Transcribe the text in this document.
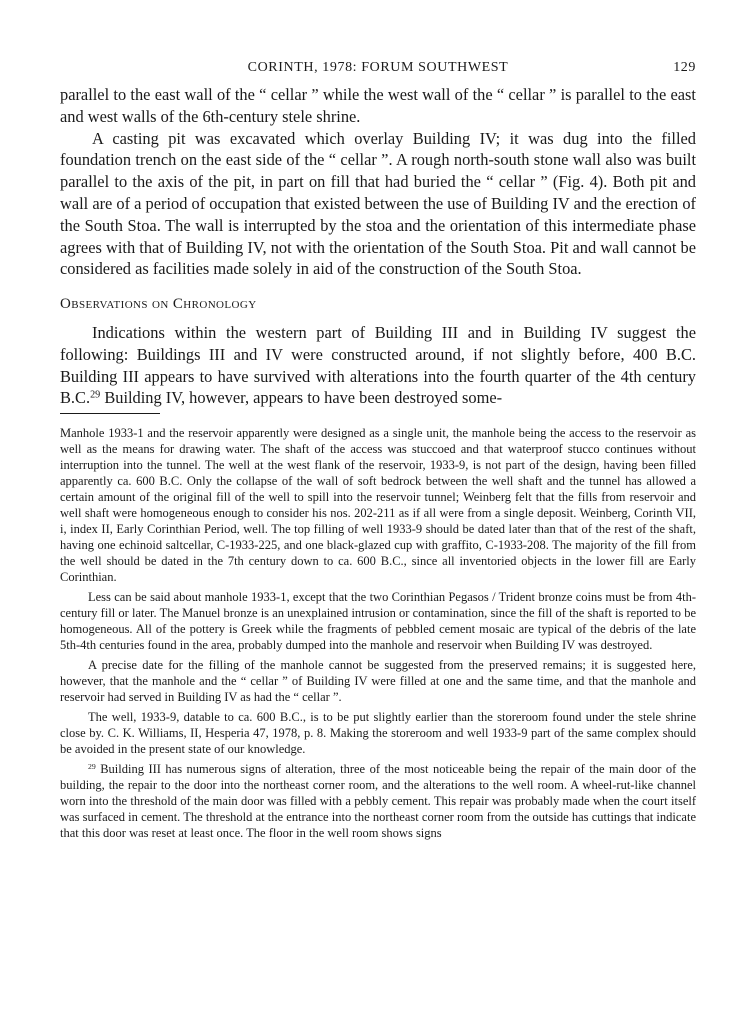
CORINTH, 1978: FORUM SOUTHWEST	129

parallel to the east wall of the “ cellar ” while the west wall of the “ cellar ” is parallel to the east and west walls of the 6th-century stele shrine.

A casting pit was excavated which overlay Building IV; it was dug into the filled foundation trench on the east side of the “ cellar ”. A rough north-south stone wall also was built parallel to the axis of the pit, in part on fill that had buried the “ cellar ” (Fig. 4). Both pit and wall are of a period of occupation that existed between the use of Building IV and the erection of the South Stoa. The wall is interrupted by the stoa and the orientation of this intermediate phase agrees with that of Building IV, not with the orientation of the South Stoa. Pit and wall cannot be considered as facilities made solely in aid of the construction of the South Stoa.

Observations on Chronology

Indications within the western part of Building III and in Building IV suggest the following: Buildings III and IV were constructed around, if not slightly before, 400 B.C. Building III appears to have survived with alterations into the fourth quarter of the 4th century B.C.$^{29}$ Building IV, however, appears to have been destroyed some-

Manhole 1933-1 and the reservoir apparently were designed as a single unit, the manhole being the access to the reservoir as well as the means for drawing water. The shaft of the access was stuccoed and that waterproof stucco continues without interruption into the tunnel. The well at the west flank of the reservoir, 1933-9, is not part of the design, having been filled apparently ca. 600 B.C. Only the collapse of the wall of soft bedrock between the well shaft and the tunnel has allowed a certain amount of the original fill of the well to spill into the reservoir tunnel; Weinberg felt that the fills from reservoir and well shaft were homogeneous enough to consider his nos. 202-211 as if all were from a single deposit. Weinberg, Corinth VII, i, index II, Early Corinthian Period, well. The top filling of well 1933-9 should be dated later than that of the rest of the shaft, having one echinoid saltcellar, C-1933-225, and one black-glazed cup with graffito, C-1933-208. The majority of the fill from the well should be dated in the 7th century down to ca. 600 B.C., since all inventoried objects in the lower fill are Early Corinthian.

Less can be said about manhole 1933-1, except that the two Corinthian Pegasos / Trident bronze coins must be from 4th-century fill or later. The Manuel bronze is an unexplained intrusion or contamination, since the fill of the shaft is reported to be homogeneous. All of the pottery is Greek while the fragments of pebbled cement mosaic are typical of the debris of the late 5th-4th centuries found in the area, probably dumped into the manhole and reservoir when Building IV was destroyed.

A precise date for the filling of the manhole cannot be suggested from the preserved remains; it is suggested here, however, that the manhole and the “ cellar ” of Building IV were filled at one and the same time, and that the manhole and reservoir had served in Building IV as had the “ cellar ”.

The well, 1933-9, datable to ca. 600 B.C., is to be put slightly earlier than the storeroom found under the stele shrine close by. C. K. Williams, II, Hesperia 47, 1978, p. 8. Making the storeroom and well 1933-9 part of the same complex should be avoided in the present state of our knowledge.

$^{29}$ Building III has numerous signs of alteration, three of the most noticeable being the repair of the main door of the building, the repair to the door into the northeast corner room, and the alterations to the well room. A wheel-rut-like channel worn into the threshold of the main door was filled with a pebbly cement. This repair was probably made when the court itself was surfaced in cement. The threshold at the entrance into the northeast corner room from the outside has cuttings that indicate that this door was reset at least once. The floor in the well room shows signs
